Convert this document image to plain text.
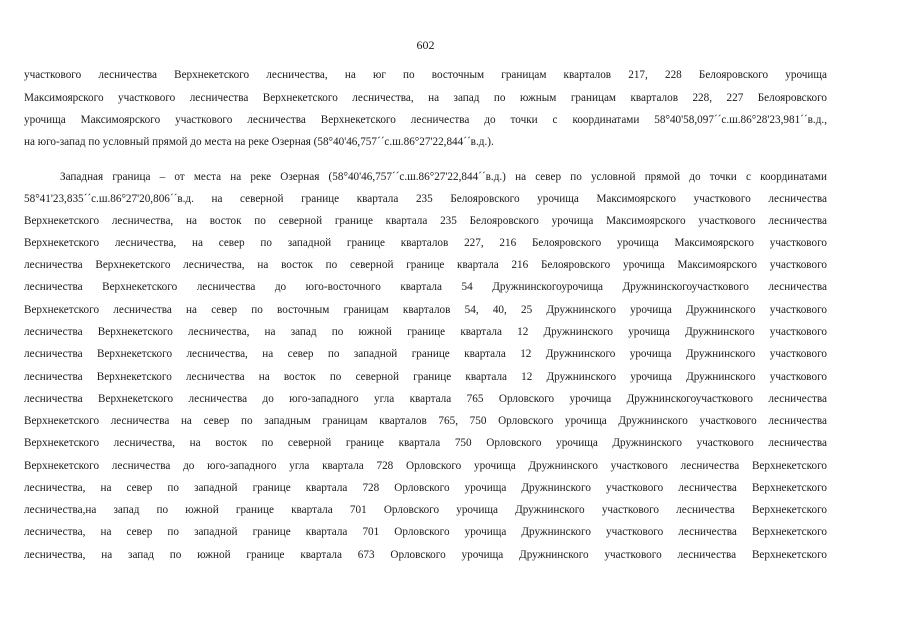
602
участкового лесничества Верхнекетского лесничества, на юг по восточным границам кварталов 217, 228 Белояровского урочища
Максимоярского участкового лесничества Верхнекетского лесничества, на запад по южным границам кварталов 228, 227 Белояровского
урочища Максимоярского участкового лесничества Верхнекетского лесничества до точки с координатами 58°40'58,097´´с.ш.86°28'23,981´´в.д.,
на юго-запад по условный прямой до места на реке Озерная (58°40'46,757´´с.ш.86°27'22,844´´в.д.).
Западная граница – от места на реке Озерная (58°40'46,757´´с.ш.86°27'22,844´´в.д.) на север по условной прямой до точки с координатами
58°41'23,835´´с.ш.86°27'20,806´´в.д. на северной границе квартала 235 Белояровского урочища Максимоярского участкового лесничества
Верхнекетского лесничества, на восток по северной границе квартала 235 Белояровского урочища Максимоярского участкового лесничества
Верхнекетского лесничества, на север по западной границе кварталов 227, 216 Белояровского урочища Максимоярского участкового
лесничества Верхнекетского лесничества, на восток по северной границе квартала 216 Белояровского урочища Максимоярского участкового
лесничества Верхнекетского лесничества до юго-восточного квартала 54 Дружнинскогоурочища Дружнинскогоучасткового лесничества
Верхнекетского лесничества на север по восточным границам кварталов 54, 40, 25 Дружнинского урочища Дружнинского участкового
лесничества Верхнекетского лесничества, на запад по южной границе квартала 12 Дружнинского урочища Дружнинского участкового
лесничества Верхнекетского лесничества, на север по западной границе квартала 12 Дружнинского урочища Дружнинского участкового
лесничества Верхнекетского лесничества на восток по северной границе квартала 12 Дружнинского урочища Дружнинского участкового
лесничества Верхнекетского лесничества до юго-западного угла квартала 765 Орловского урочища Дружнинскогоучасткового лесничества
Верхнекетского лесничества на север по западным границам кварталов 765, 750 Орловского урочища Дружнинского участкового лесничества
Верхнекетского лесничества, на восток по северной границе квартала 750 Орловского урочища Дружнинского участкового лесничества
Верхнекетского лесничества до юго-западного угла квартала 728 Орловского урочища Дружнинского участкового лесничества Верхнекетского
лесничества, на север по западной границе квартала 728 Орловского урочища Дружнинского участкового лесничества Верхнекетского
лесничества,на запад по южной границе квартала 701 Орловского урочища Дружнинского участкового лесничества Верхнекетского
лесничества, на север по западной границе квартала 701 Орловского урочища Дружнинского участкового лесничества Верхнекетского
лесничества, на запад по южной границе квартала 673 Орловского урочища Дружнинского участкового лесничества Верхнекетского
